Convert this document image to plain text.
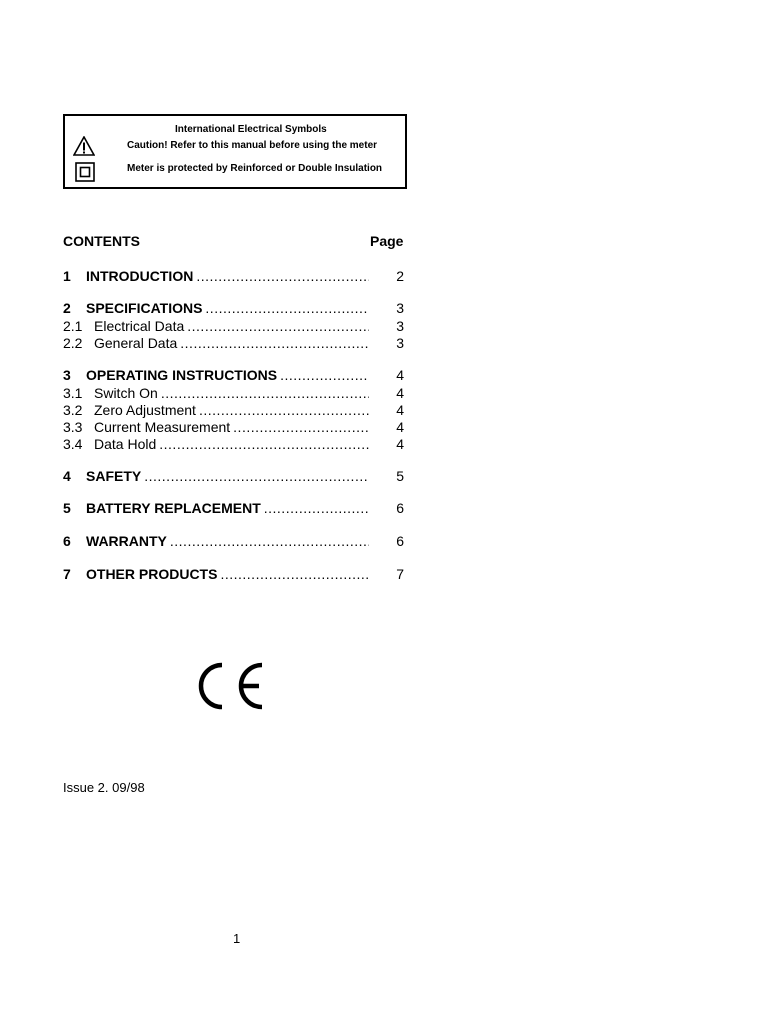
International Electrical Symbols
Caution! Refer to this manual before using the meter
Meter is protected by Reinforced or Double Insulation
CONTENTS	Page
1	INTRODUCTION .....	2
2	SPECIFICATIONS .....	3
2.1 Electrical Data .....	3
2.2 General Data .....	3
3	OPERATING INSTRUCTIONS .....	4
3.1 Switch On .....	4
3.2 Zero Adjustment .....	4
3.3 Current Measurement .....	4
3.4 Data Hold .....	4
4	SAFETY .....	5
5	BATTERY REPLACEMENT .....	6
6	WARRANTY .....	6
7	OTHER PRODUCTS .....	7
Issue 2. 09/98
1
